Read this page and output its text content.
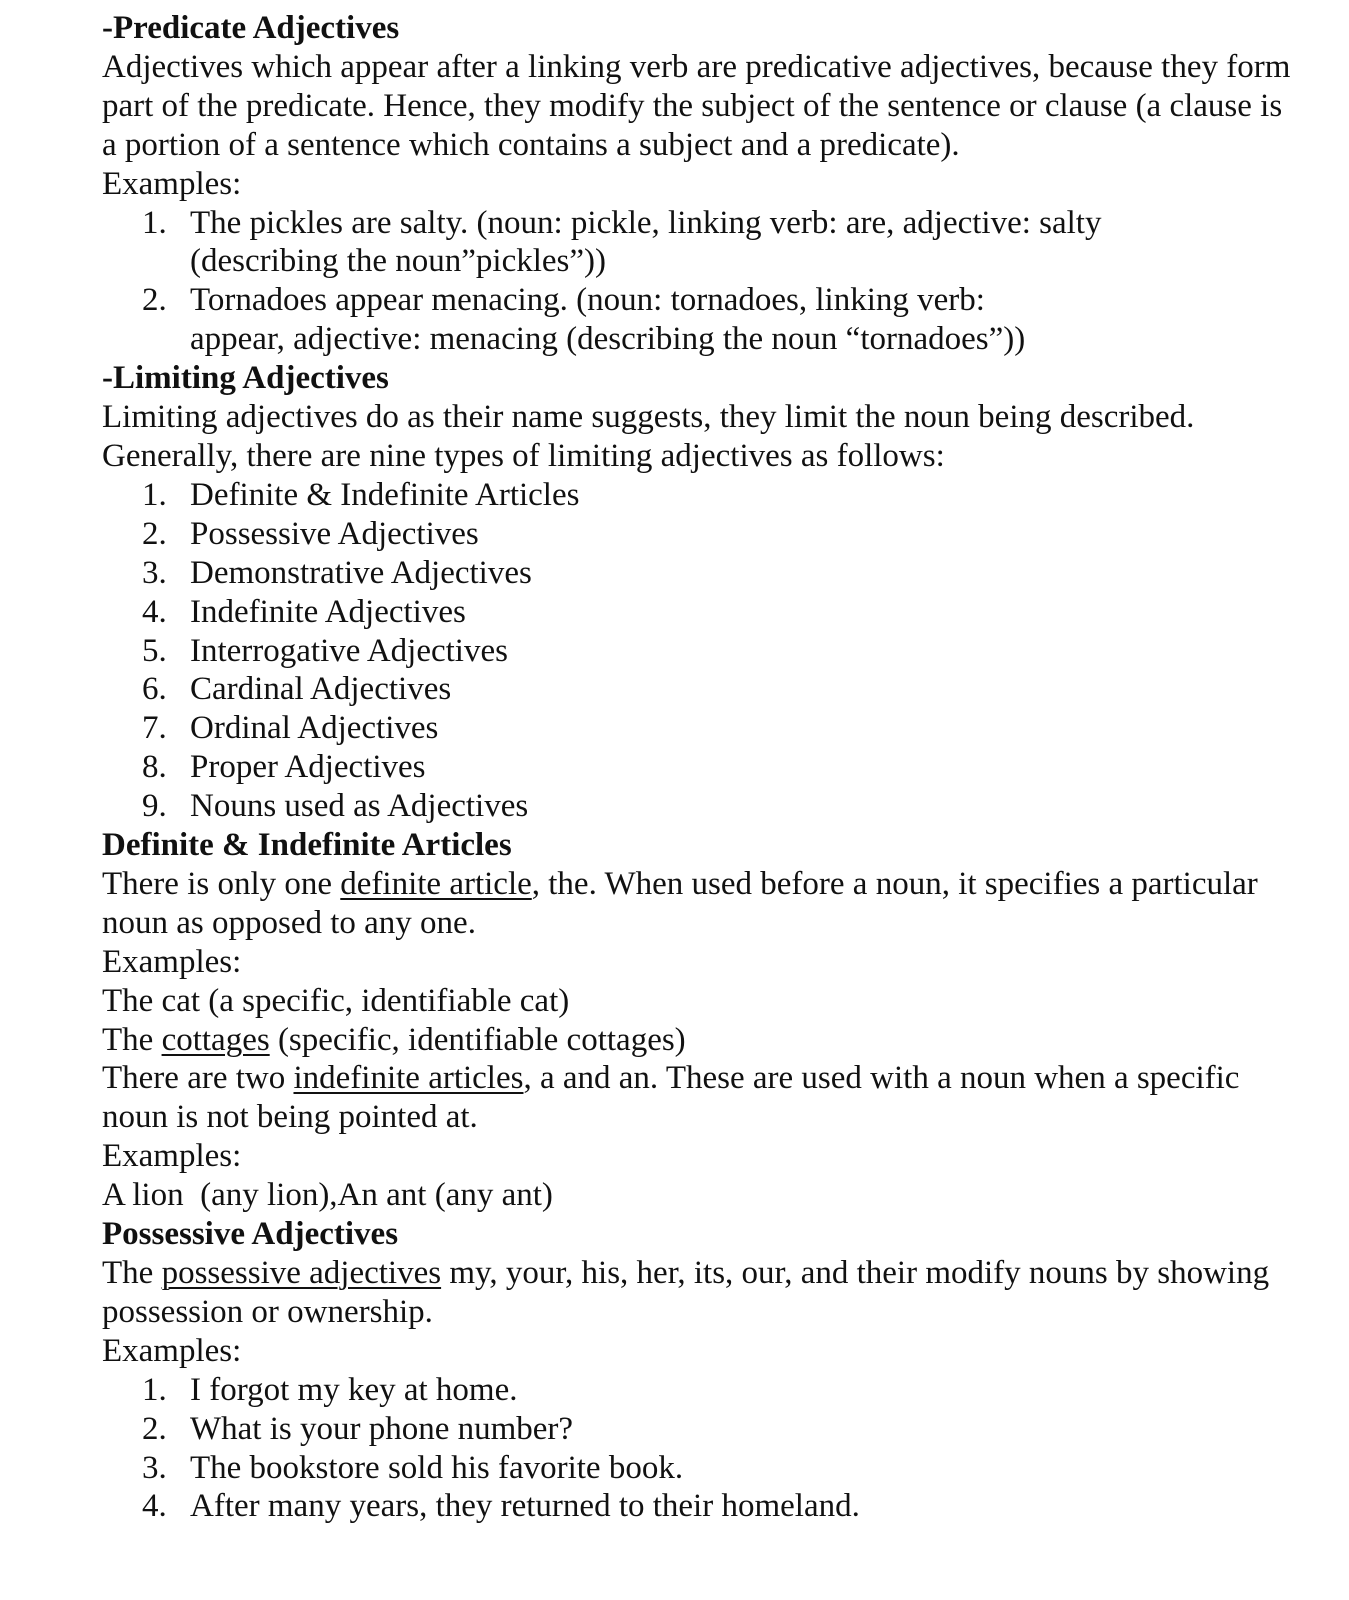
-Predicate Adjectives

Adjectives which appear after a linking verb are predicative adjectives, because they form part of the predicate. Hence, they modify the subject of the sentence or clause (a clause is a portion of a sentence which contains a subject and a predicate).

Examples:

1. The pickles are salty. (noun: pickle, linking verb: are, adjective: salty
(describing the noun”pickles”))
2. Tornadoes appear menacing. (noun: tornadoes, linking verb:
appear, adjective: menacing (describing the noun “tornadoes”))
-Limiting Adjectives

Limiting adjectives do as their name suggests, they limit the noun being described. Generally, there are nine types of limiting adjectives as follows:

1. Definite & Indefinite Articles
2. Possessive Adjectives
3. Demonstrative Adjectives
4. Indefinite Adjectives
5. Interrogative Adjectives
6. Cardinal Adjectives
7. Ordinal Adjectives
8. Proper Adjectives
9. Nouns used as Adjectives
Definite & Indefinite Articles

There is only one definite article, the. When used before a noun, it specifies a particular noun as opposed to any one.

Examples:

The cat (a specific, identifiable cat)

The cottages (specific, identifiable cottages)

There are two indefinite articles, a and an. These are used with a noun when a specific noun is not being pointed at.

Examples:

A lion  (any lion),An ant (any ant)

Possessive Adjectives

The possessive adjectives my, your, his, her, its, our, and their modify nouns by showing possession or ownership.

Examples:

1. I forgot my key at home.
2. What is your phone number?
3. The bookstore sold his favorite book.
4. After many years, they returned to their homeland.
